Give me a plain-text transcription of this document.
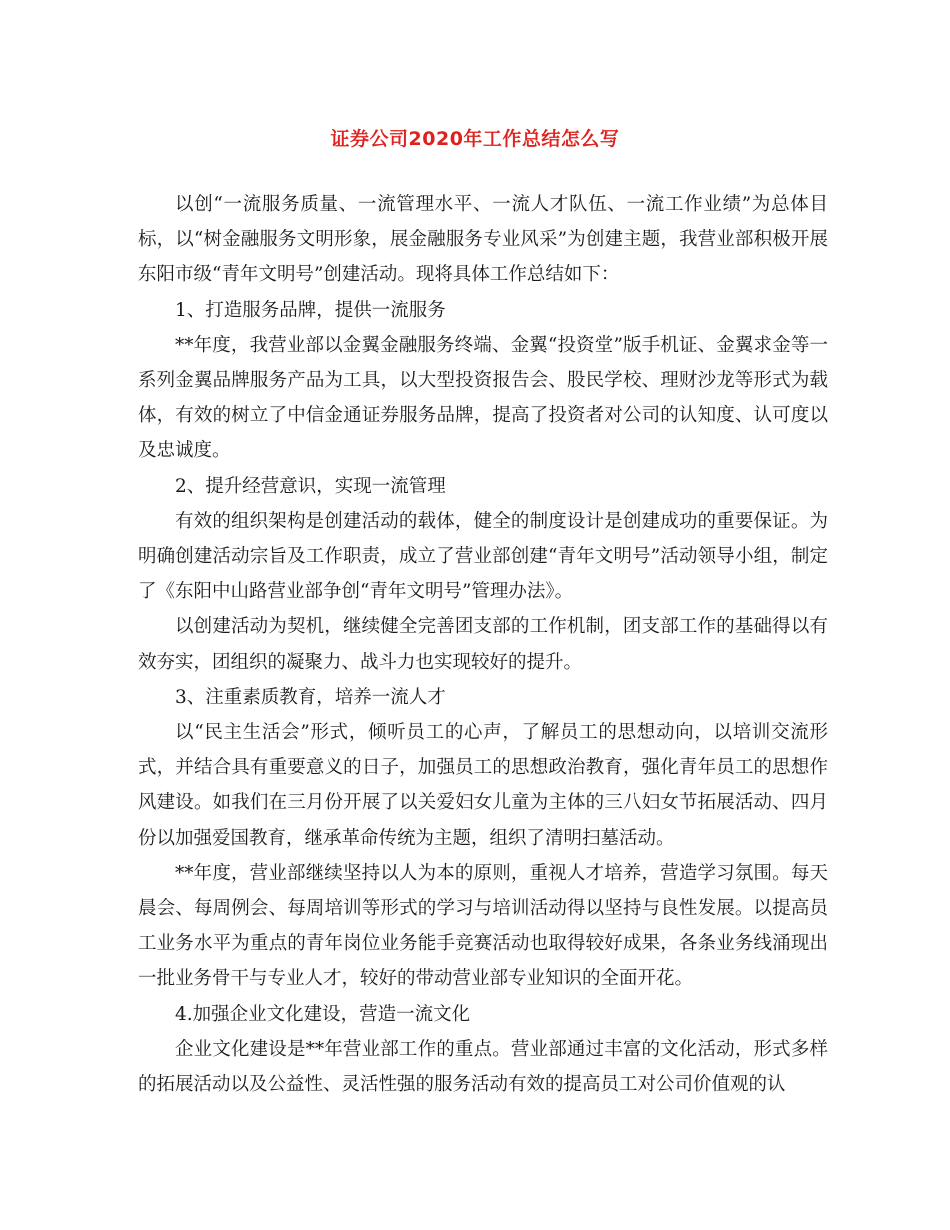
证券公司2020年工作总结怎么写

以创“一流服务质量、一流管理水平、一流人才队伍、一流工作业绩”为总体目标，以“树金融服务文明形象，展金融服务专业风采”为创建主题，我营业部积极开展东阳市级“青年文明号”创建活动。现将具体工作总结如下：

1、打造服务品牌，提供一流服务

**年度，我营业部以金翼金融服务终端、金翼“投资堂”版手机证、金翼求金等一系列金翼品牌服务产品为工具，以大型投资报告会、股民学校、理财沙龙等形式为载体，有效的树立了中信金通证券服务品牌，提高了投资者对公司的认知度、认可度以及忠诚度。

2、提升经营意识，实现一流管理

有效的组织架构是创建活动的载体，健全的制度设计是创建成功的重要保证。为明确创建活动宗旨及工作职责，成立了营业部创建“青年文明号”活动领导小组，制定了《东阳中山路营业部争创“青年文明号”管理办法》。

以创建活动为契机，继续健全完善团支部的工作机制，团支部工作的基础得以有效夯实，团组织的凝聚力、战斗力也实现较好的提升。

3、注重素质教育，培养一流人才

以“民主生活会”形式，倾听员工的心声，了解员工的思想动向，以培训交流形式，并结合具有重要意义的日子，加强员工的思想政治教育，强化青年员工的思想作风建设。如我们在三月份开展了以关爱妇女儿童为主体的三八妇女节拓展活动、四月份以加强爱国教育，继承革命传统为主题，组织了清明扫墓活动。

**年度，营业部继续坚持以人为本的原则，重视人才培养，营造学习氛围。每天晨会、每周例会、每周培训等形式的学习与培训活动得以坚持与良性发展。以提高员工业务水平为重点的青年岗位业务能手竞赛活动也取得较好成果，各条业务线涌现出一批业务骨干与专业人才，较好的带动营业部专业知识的全面开花。

4.加强企业文化建设，营造一流文化

企业文化建设是**年营业部工作的重点。营业部通过丰富的文化活动，形式多样的拓展活动以及公益性、灵活性强的服务活动有效的提高员工对公司价值观的认
